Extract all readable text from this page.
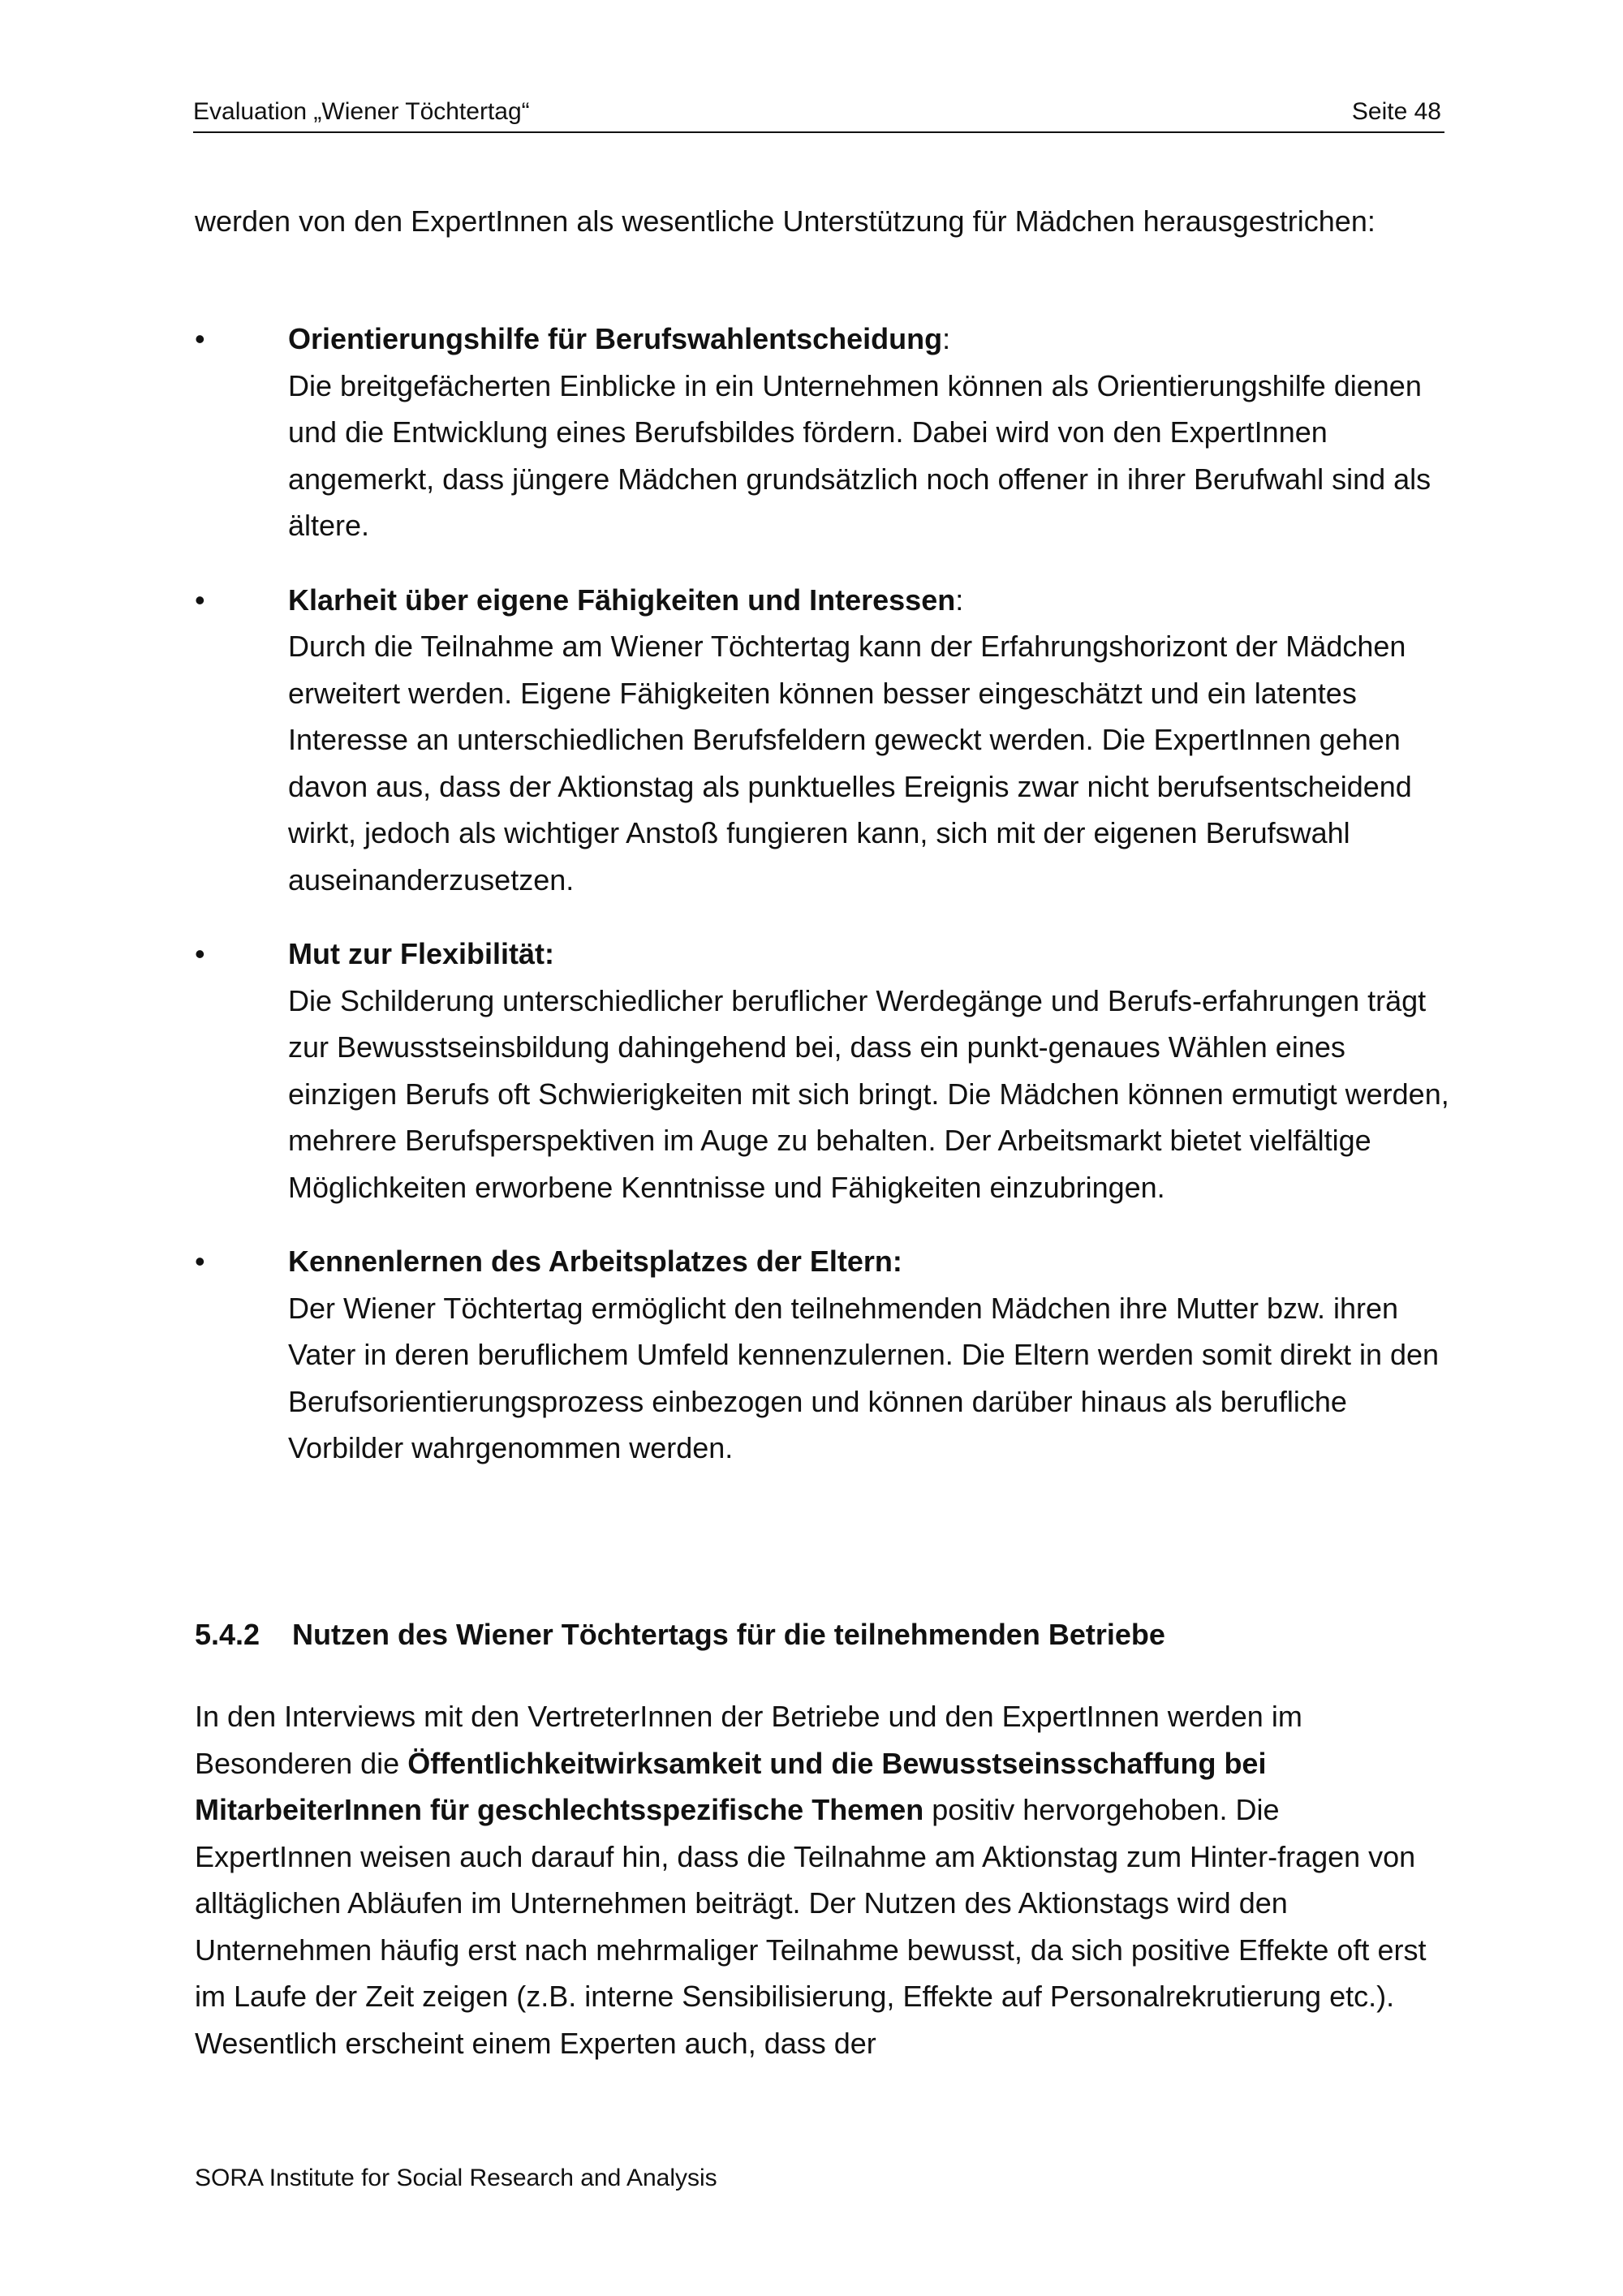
Evaluation „Wiener Töchtertag“	Seite 48

werden von den ExpertInnen als wesentliche Unterstützung für Mädchen herausgestrichen:

•	Orientierungshilfe für Berufswahlentscheidung:
Die breitgefächerten Einblicke in ein Unternehmen können als Orientierungshilfe dienen und die Entwicklung eines Berufsbildes fördern. Dabei wird von den ExpertInnen angemerkt, dass jüngere Mädchen grundsätzlich noch offener in ihrer Berufwahl sind als ältere.
•	Klarheit über eigene Fähigkeiten und Interessen:
Durch die Teilnahme am Wiener Töchtertag kann der Erfahrungshorizont der Mädchen erweitert werden. Eigene Fähigkeiten können besser eingeschätzt und ein latentes Interesse an unterschiedlichen Berufsfeldern geweckt werden. Die ExpertInnen gehen davon aus, dass der Aktionstag als punktuelles Ereignis zwar nicht berufsentscheidend wirkt, jedoch als wichtiger Anstoß fungieren kann, sich mit der eigenen Berufswahl auseinanderzusetzen.
•	Mut zur Flexibilität:
Die Schilderung unterschiedlicher beruflicher Werdegänge und Berufs-erfahrungen trägt zur Bewusstseinsbildung dahingehend bei, dass ein punkt-genaues Wählen eines einzigen Berufs oft Schwierigkeiten mit sich bringt. Die Mädchen können ermutigt werden, mehrere Berufsperspektiven im Auge zu behalten. Der Arbeitsmarkt bietet vielfältige Möglichkeiten erworbene Kenntnisse und Fähigkeiten einzubringen.
•	Kennenlernen des Arbeitsplatzes der Eltern:
Der Wiener Töchtertag ermöglicht den teilnehmenden Mädchen ihre Mutter bzw. ihren Vater in deren beruflichem Umfeld kennenzulernen. Die Eltern werden somit direkt in den Berufsorientierungsprozess einbezogen und können darüber hinaus als berufliche Vorbilder wahrgenommen werden.
5.4.2 Nutzen des Wiener Töchtertags für die teilnehmenden Betriebe

In den Interviews mit den VertreterInnen der Betriebe und den ExpertInnen werden im Besonderen die Öffentlichkeitwirksamkeit und die Bewusstseinsschaffung bei MitarbeiterInnen für geschlechtsspezifische Themen positiv hervorgehoben. Die ExpertInnen weisen auch darauf hin, dass die Teilnahme am Aktionstag zum Hinter-fragen von alltäglichen Abläufen im Unternehmen beiträgt. Der Nutzen des Aktionstags wird den Unternehmen häufig erst nach mehrmaliger Teilnahme bewusst, da sich positive Effekte oft erst im Laufe der Zeit zeigen (z.B. interne Sensibilisierung, Effekte auf Personalrekrutierung etc.). Wesentlich erscheint einem Experten auch, dass der

SORA Institute for Social Research and Analysis
